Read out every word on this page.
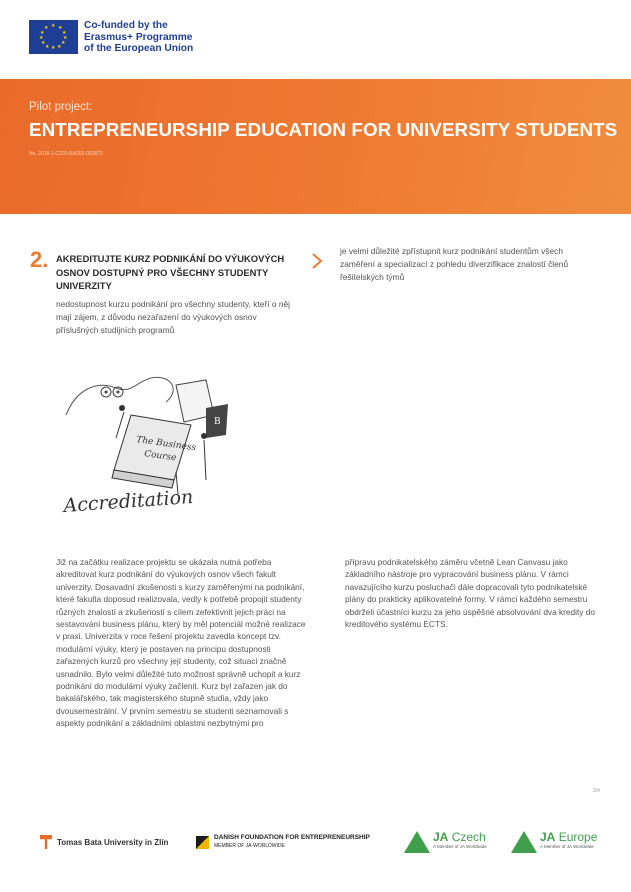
★ ★
★
★
★
★
★
★
★
★
★
★	Co-funded by the
Erasmus+ Programme
of the European Union
Pilot project:
ENTREPRENEURSHIP EDUCATION FOR UNIVERSITY STUDENTS
No. 2016-1-CZ01-KA203-023873
2. AKREDITUJTE KURZ PODNIKÁNÍ DO VÝUKOVÝCH OSNOV DOSTUPNÝ PRO VŠECHNY STUDENTY UNIVERZITY
nedostupnost kurzu podnikání pro všechny studenty, kteří o něj mají zájem, z důvodu nezařazení do výukových osnov příslušných studijních programů
je velmi důležité zpřístupnit kurz podnikání studentům všech zaměření a specializací z pohledu diverzifikace znalostí členů řešitelských týmů
B
The Business
Course
Accreditation
Již na začátku realizace projektu se ukázala nutná potřeba akreditovat kurz podnikání do výukových osnov všech fakult univerzity. Dosavadní zkušenosti s kurzy zaměřenými na podnikání, které fakulta doposud realizovala, vedly k potřebě propojit studenty různých znalostí a zkušeností s cílem zefektivnit jejich práci na sestavování business plánu, který by měl potenciál možné realizace v praxi. Univerzita v roce řešení projektu zavedla koncept tzv. modulární výuky, který je postaven na principu dostupnosti zařazených kurzů pro všechny její studenty, což situaci značně usnadnilo. Bylo velmi důležité tuto možnost správně uchopit a kurz podnikání do modulární výuky začlenit. Kurz byl zařazen jak do bakalářského, tak magisterského stupně studia, vždy jako dvousemestrální. V prvním semestru se studenti seznamovali s aspekty podnikání a základními oblastmi nezbytnými pro
přípravu podnikatelského záměru včetně Lean Canvasu jako základního nástroje pro vypracování business plánu. V rámci navazujícího kurzu posluchači dále dopracovali tyto podnikatelské plány do prakticky aplikovatelné formy. V rámci každého semestru obdrželi účastníci kurzu za jeho úspěšné absolvování dva kredity do kreditového systému ECTS.
2/4
Tomas Bata University in Zlín	DANISH FOUNDATION FOR ENTREPRENEURSHIP
MEMBER OF JA-WORLDWIDE
JA Czech
A Member of JA Worldwide
JA Europe
A Member of JA Worldwide
